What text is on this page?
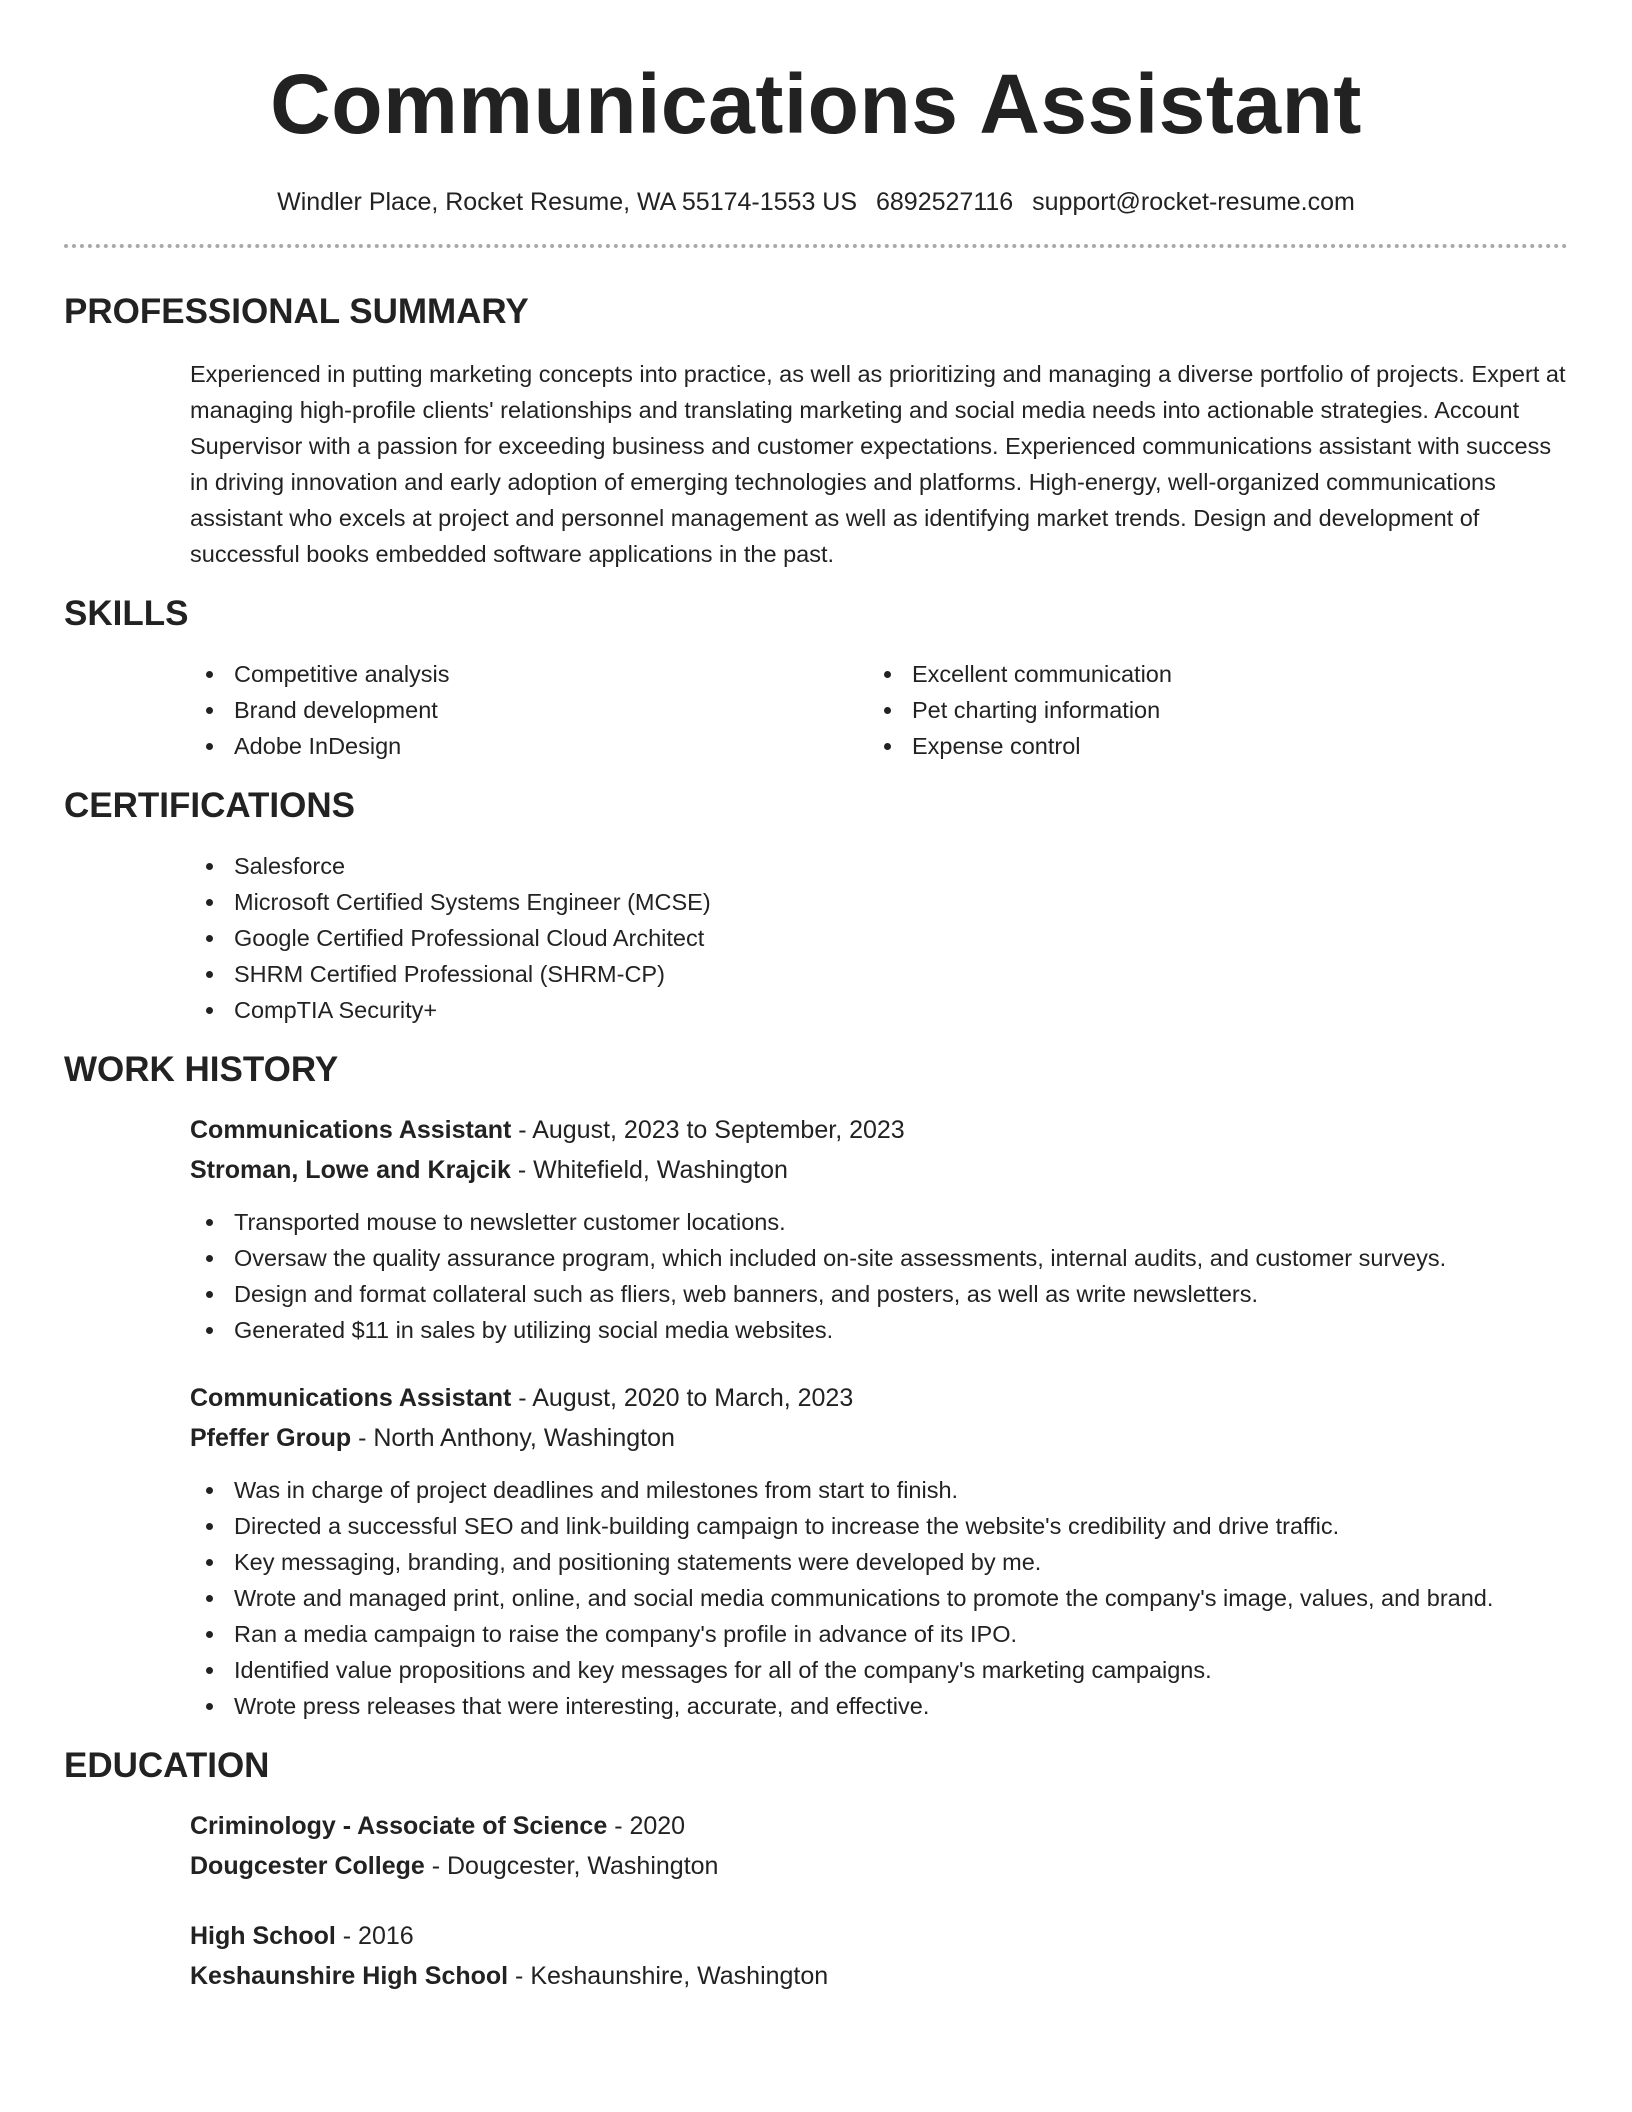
Communications Assistant
Windler Place, Rocket Resume, WA 55174-1553 US 6892527116 support@rocket-resume.com
PROFESSIONAL SUMMARY

Experienced in putting marketing concepts into practice, as well as prioritizing and managing a diverse portfolio of projects. Expert at managing high-profile clients' relationships and translating marketing and social media needs into actionable strategies. Account Supervisor with a passion for exceeding business and customer expectations. Experienced communications assistant with success in driving innovation and early adoption of emerging technologies and platforms. High-energy, well-organized communications assistant who excels at project and personnel management as well as identifying market trends. Design and development of successful books embedded software applications in the past.

SKILLS
Competitive analysis
Brand development
Adobe InDesign
Excellent communication
Pet charting information
Expense control
CERTIFICATIONS
Salesforce
Microsoft Certified Systems Engineer (MCSE)
Google Certified Professional Cloud Architect
SHRM Certified Professional (SHRM-CP)
CompTIA Security+
WORK HISTORY
Communications Assistant - August, 2023 to September, 2023
Stroman, Lowe and Krajcik - Whitefield, Washington
Transported mouse to newsletter customer locations.
Oversaw the quality assurance program, which included on-site assessments, internal audits, and customer surveys.
Design and format collateral such as fliers, web banners, and posters, as well as write newsletters.
Generated $11 in sales by utilizing social media websites.
Communications Assistant - August, 2020 to March, 2023
Pfeffer Group - North Anthony, Washington
Was in charge of project deadlines and milestones from start to finish.
Directed a successful SEO and link-building campaign to increase the website's credibility and drive traffic.
Key messaging, branding, and positioning statements were developed by me.
Wrote and managed print, online, and social media communications to promote the company's image, values, and brand.
Ran a media campaign to raise the company's profile in advance of its IPO.
Identified value propositions and key messages for all of the company's marketing campaigns.
Wrote press releases that were interesting, accurate, and effective.
EDUCATION
Criminology - Associate of Science - 2020
Dougcester College - Dougcester, Washington
High School - 2016
Keshaunshire High School - Keshaunshire, Washington
